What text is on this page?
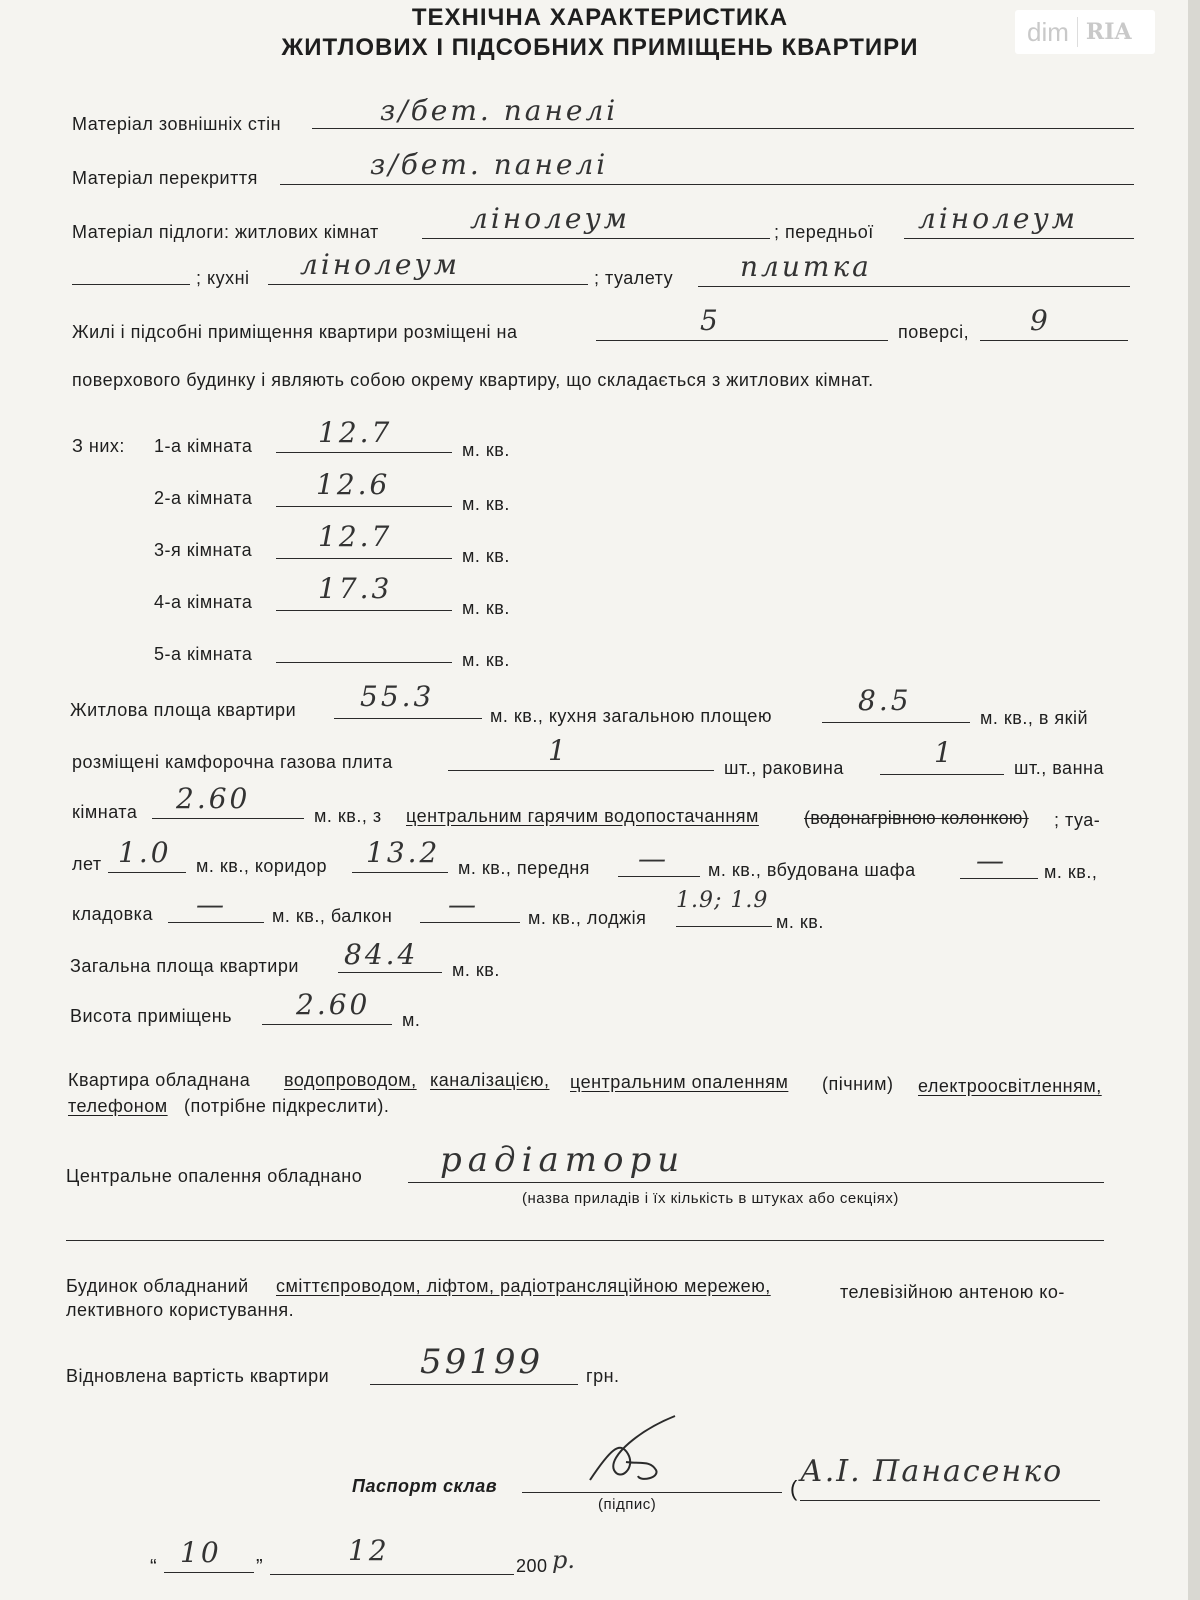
dim RIA
ТЕХНІЧНА ХАРАКТЕРИСТИКА
ЖИТЛОВИХ І ПІДСОБНИХ ПРИМІЩЕНЬ КВАРТИРИ
Матеріал зовнішніх стін	з/бет. панелі
Матеріал перекриття	з/бет. панелі
Матеріал підлоги: житлових кімнат	лінолеум	; передньої лінолеум
; кухні лінолеум	; туалету плитка
Жилі і підсобні приміщення квартири розміщені на	5	поверсі, 9
поверхового будинку і являють собою окрему квартиру, що складається з житлових кімнат.
З них: 1-а кімната 12.7
м. кв.
2-а кімната 12.6
м. кв.
3-я кімната 12.7
м. кв.
4-а кімната 17.3
м. кв.
5-а кімната	м. кв.
Житлова площа квартири 55.3
м. кв., кухня загальною площею	8.5
м. кв., в якій
розміщені камфорочна газова плита	1
шт., раковина	1	шт., ванна
кімната 2.60
м. кв., з центральним гарячим водопостачанням	(водонагрівною колонкою) ; туа-
лет 1.0 м. кв., коридор 13.2 м. кв., передня — м. кв., вбудована шафа — м. кв.,
кладовка —	м. кв., балкон —	м. кв., лоджія
1.9; 1.9
м. кв.
Загальна площа квартири 84.4 м. кв.
Висота приміщень 2.60 м.
Квартира обладнана водопроводом, каналізацією, центральним опаленням (пічним) електроосвітленням,
телефоном (потрібне підкреслити).
Центральне опалення обладнано радіатори
(назва приладів і їх кількість в штуках або секціях)
Будинок обладнаний сміттєпроводом, ліфтом, радіотрансляційною мережею,	телевізійною антеною ко-
лективного користування.
Відновлена вартість квартири	59199 грн.
Паспорт склав
(підпис)
( А.І. Панасенко
“ 10 ”	12	200 р.
